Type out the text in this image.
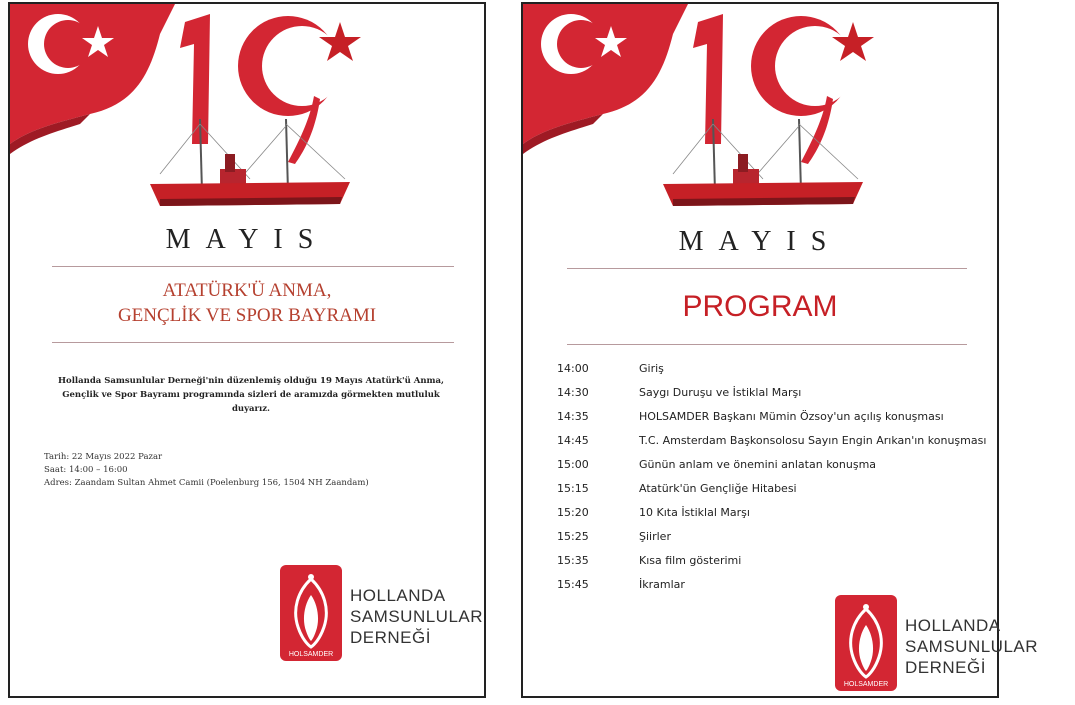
MAYIS
ATATÜRK'Ü ANMA,
GENÇLİK VE SPOR BAYRAMI
Hollanda Samsunlular Derneği'nin düzenlemiş olduğu 19 Mayıs Atatürk'ü Anma, Gençlik ve Spor Bayramı programında sizleri de aramızda görmekten mutluluk duyarız.
Tarih: 22 Mayıs 2022 Pazar
Saat: 14:00 – 16:00
Adres: Zaandam Sultan Ahmet Camii (Poelenburg 156, 1504 NH Zaandam)
HOLSAMDER
HOLLANDA
SAMSUNLULAR
DERNEĞİ
MAYIS
PROGRAM
14:00	Giriş
14:30	Saygı Duruşu ve İstiklal Marşı
14:35	HOLSAMDER Başkanı Mümin Özsoy'un açılış konuşması
14:45	T.C. Amsterdam Başkonsolosu Sayın Engin Arıkan'ın konuşması
15:00	Günün anlam ve önemini anlatan konuşma
15:15	Atatürk'ün Gençliğe Hitabesi
15:20	10 Kıta İstiklal Marşı
15:25	Şiirler
15:35	Kısa film gösterimi
15:45	İkramlar
HOLSAMDER
HOLLANDA
SAMSUNLULAR
DERNEĞİ
